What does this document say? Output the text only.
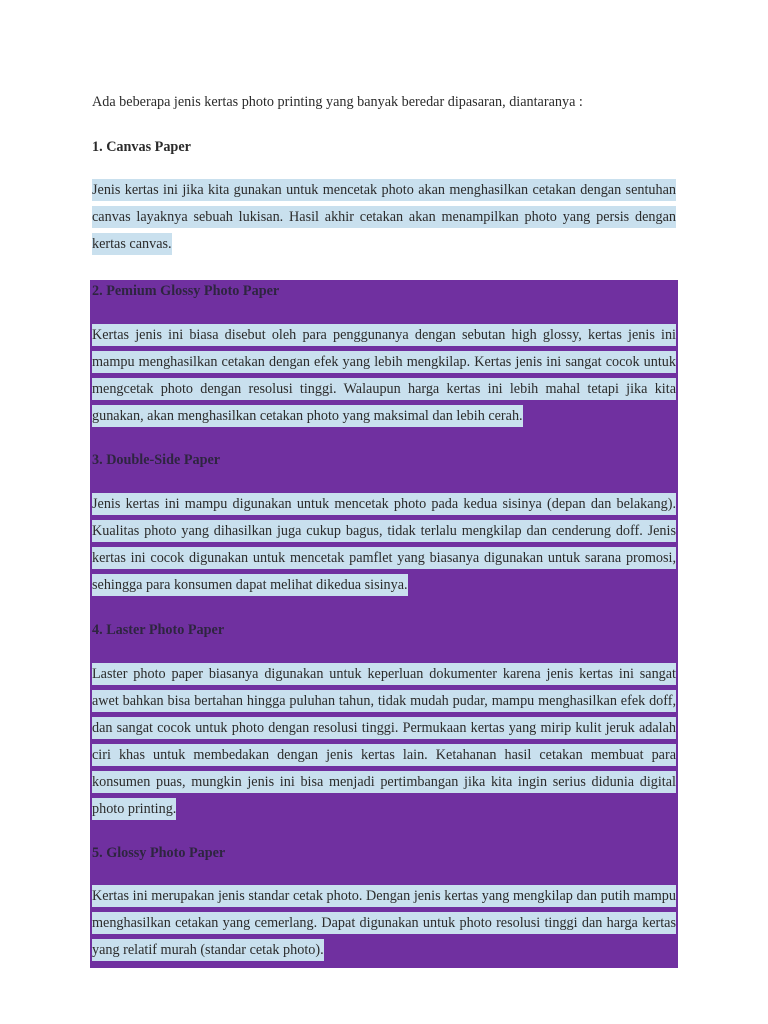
Ada beberapa jenis kertas photo printing yang banyak beredar dipasaran, diantaranya :
1. Canvas Paper
Jenis kertas ini jika kita gunakan untuk mencetak photo akan menghasilkan cetakan dengan sentuhan canvas layaknya sebuah lukisan. Hasil akhir cetakan akan menampilkan photo yang persis dengan kertas canvas.
2. Pemium Glossy Photo Paper
Kertas jenis ini biasa disebut oleh para penggunanya dengan sebutan high glossy, kertas jenis ini mampu menghasilkan cetakan dengan efek yang lebih mengkilap. Kertas jenis ini sangat cocok untuk mengcetak photo dengan resolusi tinggi. Walaupun harga kertas ini lebih mahal tetapi jika kita gunakan, akan menghasilkan cetakan photo yang maksimal dan lebih cerah.
3. Double-Side Paper
Jenis kertas ini mampu digunakan untuk mencetak photo pada kedua sisinya (depan dan belakang). Kualitas photo yang dihasilkan juga cukup bagus, tidak terlalu mengkilap dan cenderung doff. Jenis kertas ini cocok digunakan untuk mencetak pamflet yang biasanya digunakan untuk sarana promosi, sehingga para konsumen dapat melihat dikedua sisinya.
4. Laster Photo Paper
Laster photo paper biasanya digunakan untuk keperluan dokumenter karena jenis kertas ini sangat awet bahkan bisa bertahan hingga puluhan tahun, tidak mudah pudar, mampu menghasilkan efek doff, dan sangat cocok untuk photo dengan resolusi tinggi. Permukaan kertas yang mirip kulit jeruk adalah ciri khas untuk membedakan dengan jenis kertas lain. Ketahanan hasil cetakan membuat para konsumen puas, mungkin jenis ini bisa menjadi pertimbangan jika kita ingin serius didunia digital photo printing.
5. Glossy Photo Paper
Kertas ini merupakan jenis standar cetak photo. Dengan jenis kertas yang mengkilap dan putih mampu menghasilkan cetakan yang cemerlang. Dapat digunakan untuk photo resolusi tinggi dan harga kertas yang relatif murah (standar cetak photo).
